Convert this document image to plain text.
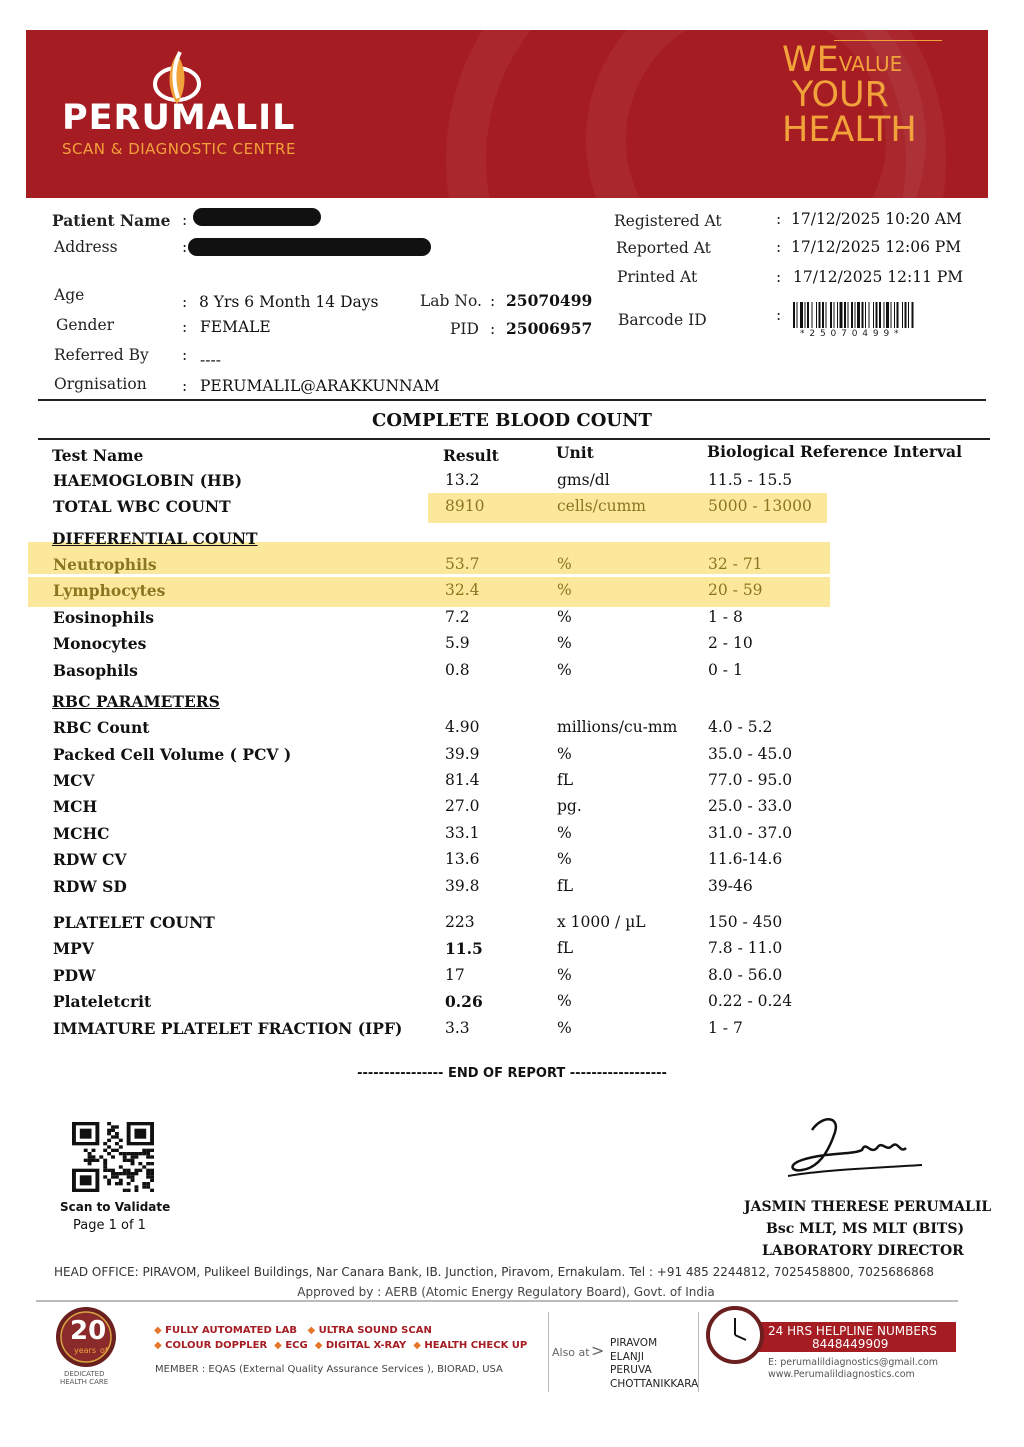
PERUMALIL
SCAN & DIAGNOSTIC CENTRE
WEVALUE
YOUR
HEALTH
Patient Name :
Address	:
Age	: 8 Yrs 6 Month 14 Days
Gender	: FEMALE
Referred By : ----
Orgnisation : PERUMALIL@ARAKKUNNAM
Lab No. : 25070499
PID : 25006957
Registered At	: 17/12/2025 10:20 AM
Reported At	: 17/12/2025 12:06 PM
Printed At	: 17/12/2025 12:11 PM
Barcode ID	:
* 2 5 0 7 0 4 9 9 *
COMPLETE BLOOD COUNT
Test Name	Result	Unit	Biological Reference Interval
HAEMOGLOBIN (HB)	13.2	gms/dl	11.5 - 15.5
TOTAL WBC COUNT	8910	cells/cumm	5000 - 13000
Neutrophils	53.7	%	32 - 71
Lymphocytes	32.4	%	20 - 59
Eosinophils	7.2	%	1 - 8
Monocytes	5.9	%	2 - 10
Basophils	0.8	%	0 - 1
RBC Count	4.90	millions/cu-mm 4.0 - 5.2
Packed Cell Volume ( PCV )	39.9	%	35.0 - 45.0
MCV	81.4	fL	77.0 - 95.0
MCH	27.0	pg.	25.0 - 33.0
MCHC	33.1	%	31.0 - 37.0
RDW CV	13.6	%	11.6-14.6
RDW SD	39.8	fL	39-46
PLATELET COUNT	223	x 1000 / µL	150 - 450
MPV	11.5	fL	7.8 - 11.0
PDW	17	%	8.0 - 56.0
Plateletcrit	0.26	%	0.22 - 0.24
IMMATURE PLATELET FRACTION (IPF)	3.3	%	1 - 7
DIFFERENTIAL COUNT
RBC PARAMETERS
---------------- END OF REPORT ------------------
Scan to Validate
Page 1 of 1
JASMIN THERESE PERUMALIL
Bsc MLT, MS MLT (BITS)
LABORATORY DIRECTOR
HEAD OFFICE: PIRAVOM, Pulikeel Buildings, Nar Canara Bank, IB. Junction, Piravom, Ernakulam. Tel : +91 485 2244812, 7025458800, 7025686868
Approved by : AERB (Atomic Energy Regulatory Board), Govt. of India
20
years of
DEDICATED
HEALTH CARE
◆ FULLY AUTOMATED LAB ◆ ULTRA SOUND SCAN
◆ COLOUR DOPPLER ◆ ECG ◆ DIGITAL X-RAY ◆ HEALTH CHECK UP
MEMBER : EQAS (External Quality Assurance Services ), BIORAD, USA
Also at > PIRAVOM
ELANJI
PERUVA
CHOTTANIKKARA
24 HRS HELPLINE NUMBERS
8448449909
E: perumalildiagnostics@gmail.com
www.Perumalildiagnostics.com
